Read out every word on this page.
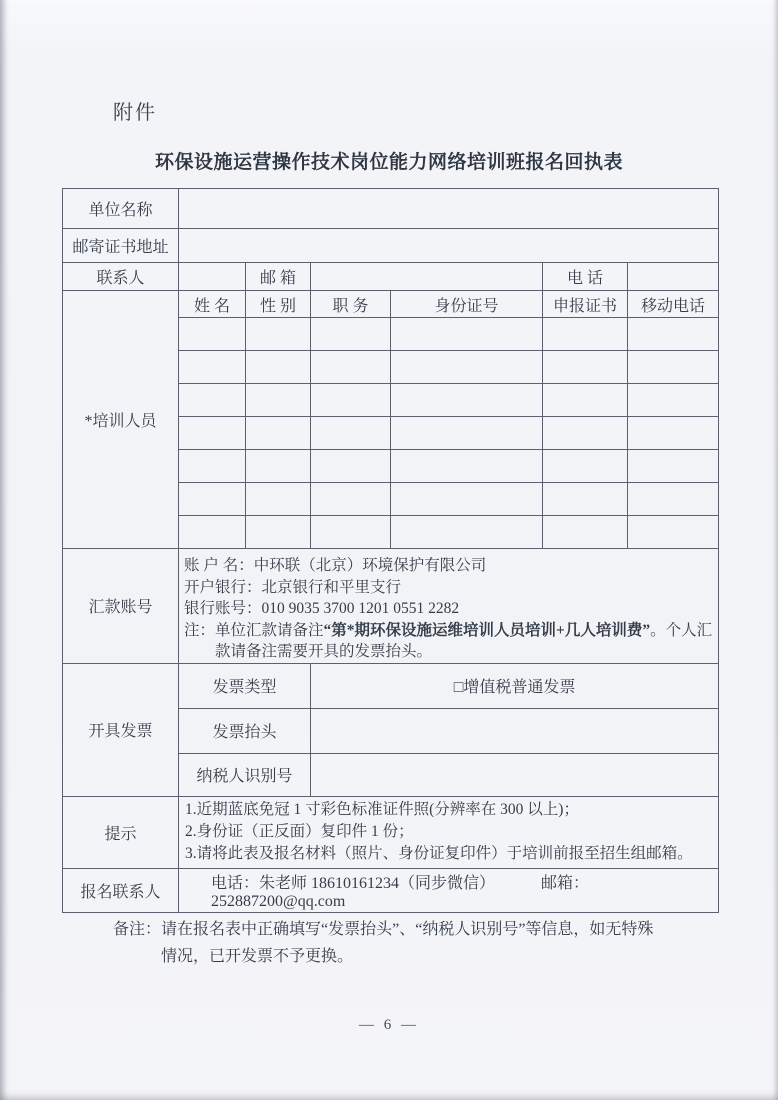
附件
环保设施运营操作技术岗位能力网络培训班报名回执表
单位名称						
邮寄证书地址						
联系人		邮 箱			电 话	
*培训人员	姓 名	性 别	职 务	身份证号	申报证书	移动电话

汇款账号	账 户 名：中环联（北京）环境保护有限公司
开户银行：北京银行和平里支行
银行账号：010 9035 3700 1201 0551 2282
注：单位汇款请备注“第*期环保设施运维培训人员培训+几人培训费”。个人汇
款请备注需要开具的发票抬头。					

开具发票	发票类型		□增值税普通发票			
	发票抬头					
	纳税人识别号					
提示	1.近期蓝底免冠 1 寸彩色标准证件照(分辨率在 300 以上)；
2.身份证（正反面）复印件 1 份；
3.请将此表及报名材料（照片、身份证复印件）于培训前报至招生组邮箱。					

报名联系人	电话：朱老师 18610161234（同步微信） 邮箱：252887200@qq.com					
备注： 请在报名表中正确填写“发票抬头”、“纳税人识别号”等信息，如无特殊
情况，已开发票不予更换。
— 6 —
